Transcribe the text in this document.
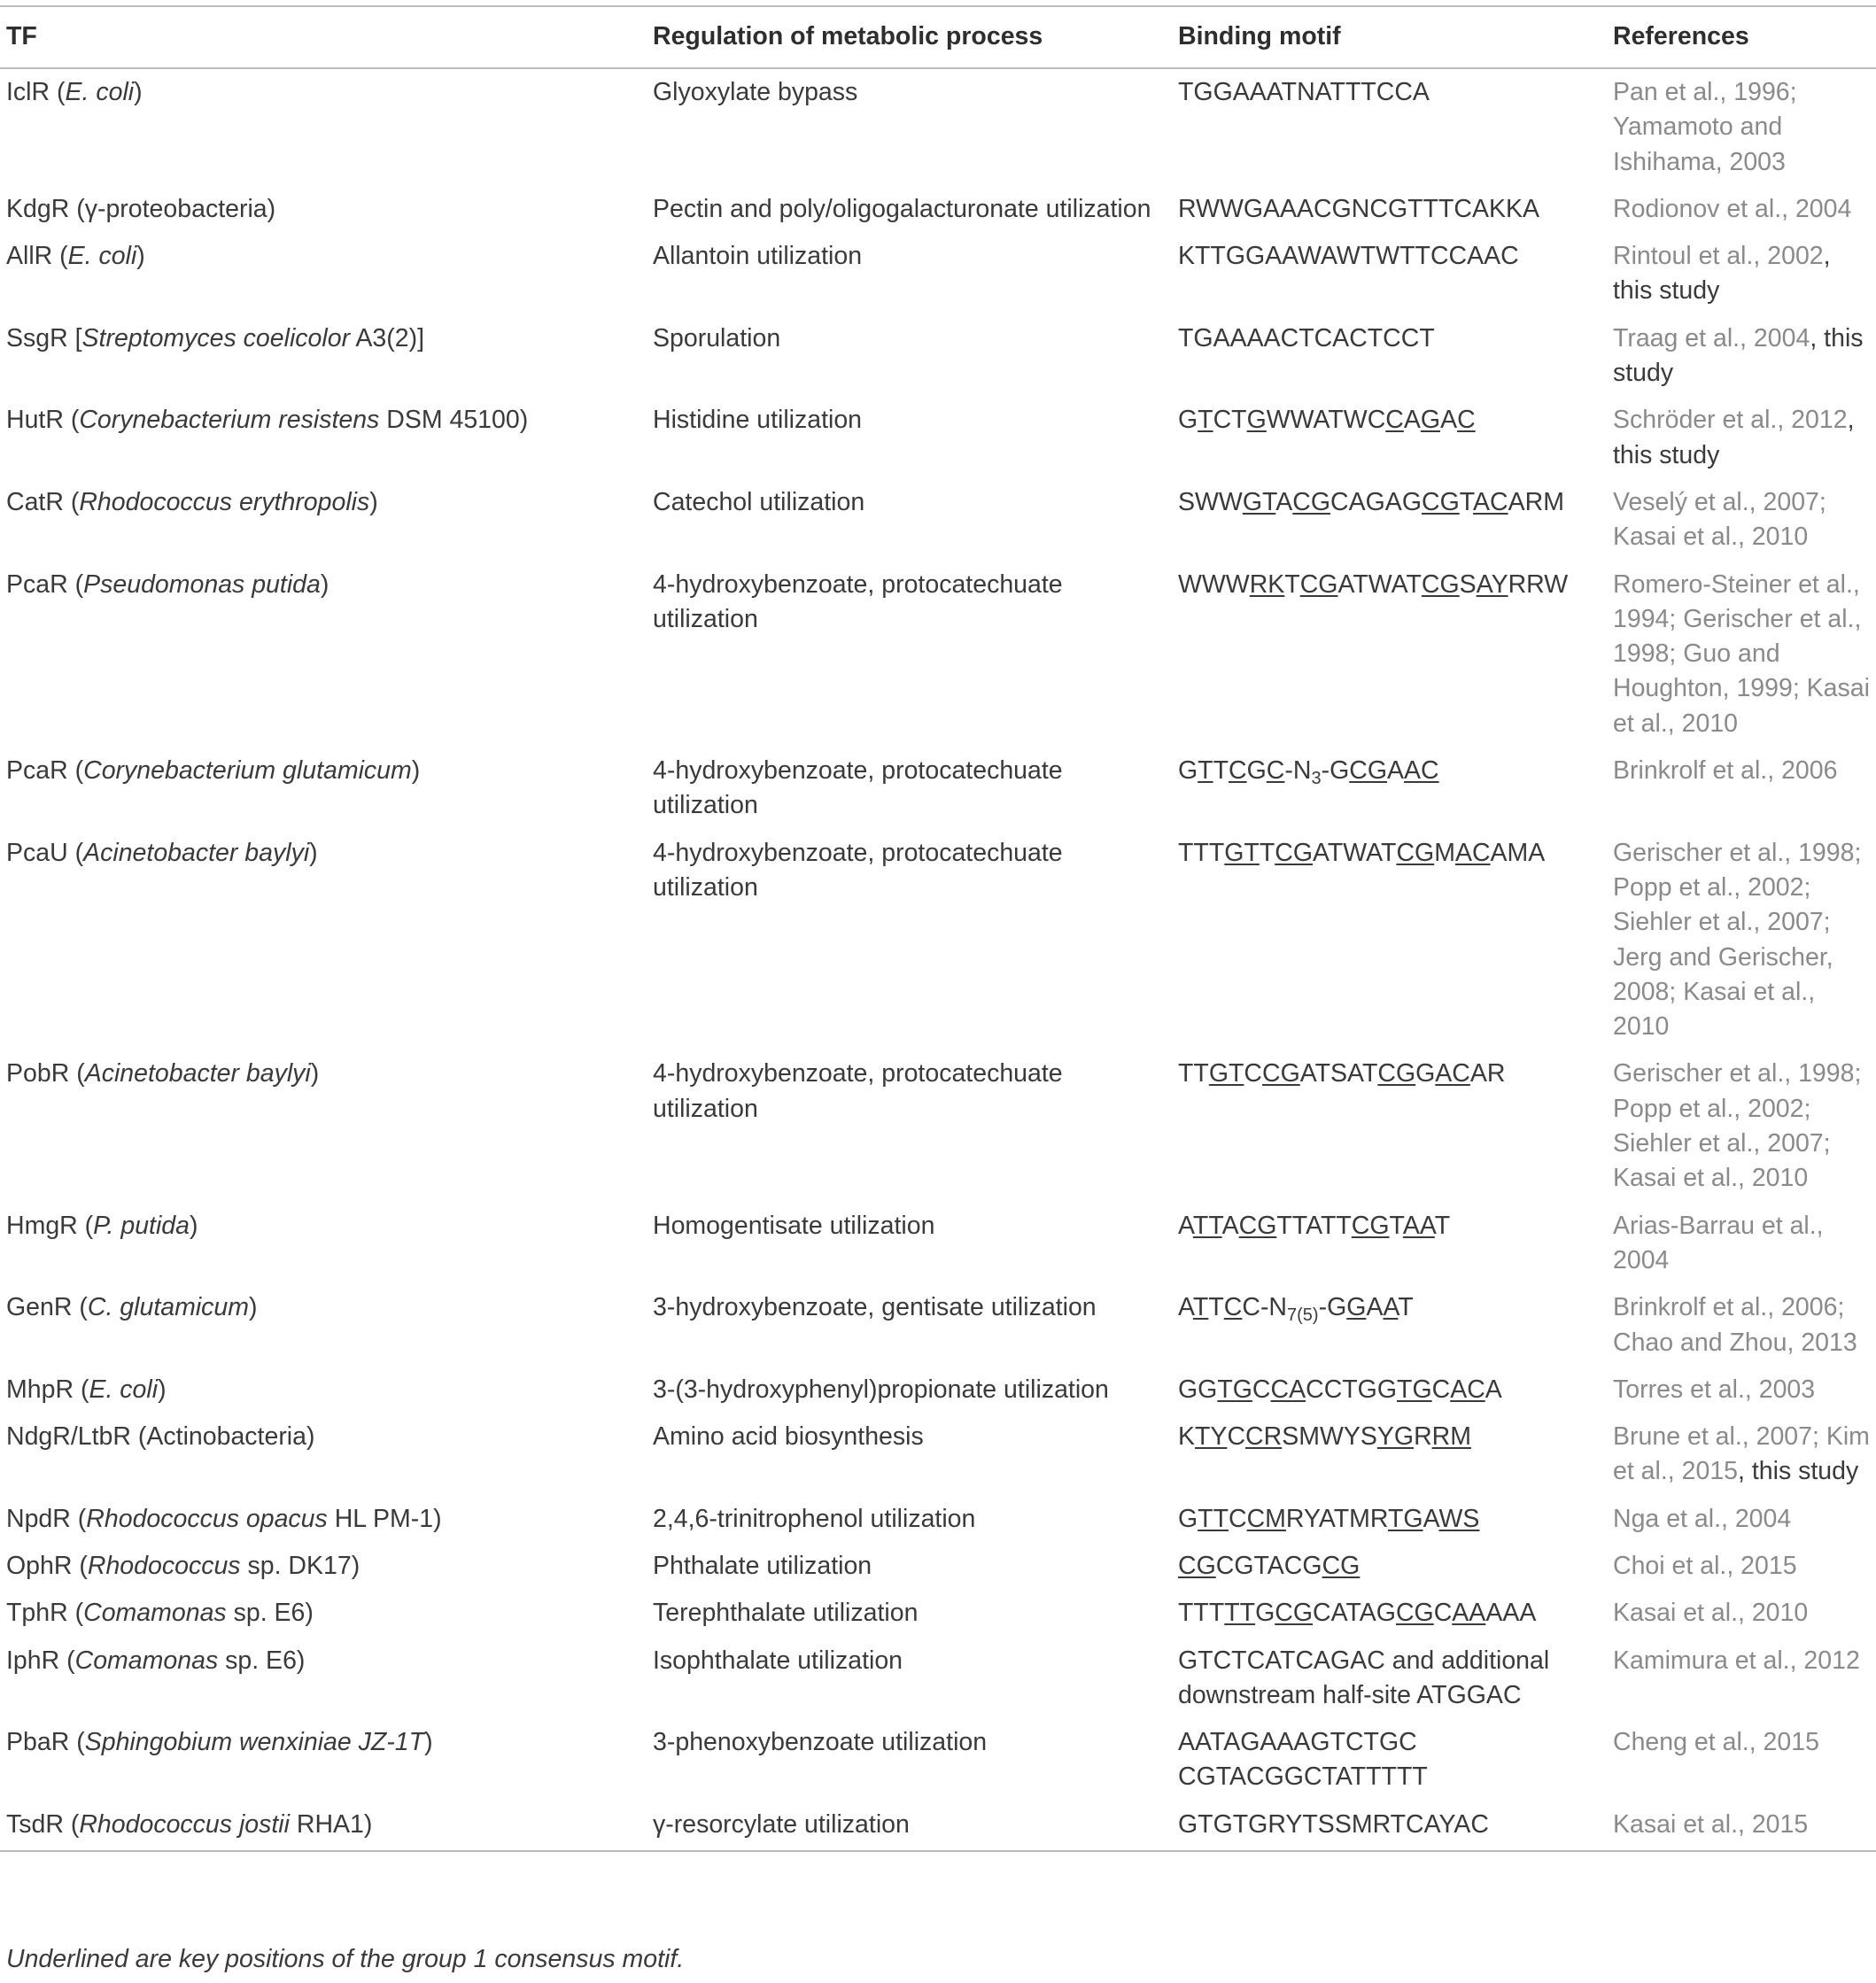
TF	Regulation of metabolic process	Binding motif	References
IclR (E. coli)	Glyoxylate bypass	TGGAAATNATTTCCA	Pan et al., 1996; Yamamoto and Ishihama, 2003
KdgR (γ-proteobacteria)	Pectin and poly/oligogalacturonate utilization	RWWGAAACGNCGTTTCAKKA	Rodionov et al., 2004
AllR (E. coli)	Allantoin utilization	KTTGGAAWAWTWTTCCAAC	Rintoul et al., 2002, this study
SsgR [Streptomyces coelicolor A3(2)]	Sporulation	TGAAAACTCACTCCT	Traag et al., 2004, this study
HutR (Corynebacterium resistens DSM 45100)	Histidine utilization	GTCTGWWATWCCAGAC	Schröder et al., 2012, this study
CatR (Rhodococcus erythropolis)	Catechol utilization	SWWGTACGCAGAGCGTACARM	Veselý et al., 2007; Kasai et al., 2010
PcaR (Pseudomonas putida)	4-hydroxybenzoate, protocatechuate utilization	WWWRKTCGATWATCGSAYRRW	Romero-Steiner et al., 1994; Gerischer et al., 1998; Guo and Houghton, 1999; Kasai et al., 2010
PcaR (Corynebacterium glutamicum)	4-hydroxybenzoate, protocatechuate utilization	GTTCGC-$N_3$-GCGAAC	Brinkrolf et al., 2006
PcaU (Acinetobacter baylyi)	4-hydroxybenzoate, protocatechuate utilization	TTTGTTCGATWATCGMACAMA	Gerischer et al., 1998; Popp et al., 2002; Siehler et al., 2007; Jerg and Gerischer, 2008; Kasai et al., 2010
PobR (Acinetobacter baylyi)	4-hydroxybenzoate, protocatechuate utilization	TTGTCCGATSATCGGACAR	Gerischer et al., 1998; Popp et al., 2002; Siehler et al., 2007; Kasai et al., 2010
HmgR (P. putida)	Homogentisate utilization	ATTACGTTATTCGTAAT	Arias-Barrau et al., 2004
GenR (C. glutamicum)	3-hydroxybenzoate, gentisate utilization	ATTCC-$N_{7(5)}$-GGAAT	Brinkrolf et al., 2006; Chao and Zhou, 2013
MhpR (E. coli)	3-(3-hydroxyphenyl)propionate utilization	GGTGCCACCTGGTGCACA	Torres et al., 2003
NdgR/LtbR (Actinobacteria)	Amino acid biosynthesis	KTYCCRSMWYSYGRRM	Brune et al., 2007; Kim et al., 2015, this study
NpdR (Rhodococcus opacus HL PM-1)	2,4,6-trinitrophenol utilization	GTTCCMRYATMRTGAWS	Nga et al., 2004
OphR (Rhodococcus sp. DK17)	Phthalate utilization	CGCGTACGCG	Choi et al., 2015
TphR (Comamonas sp. E6)	Terephthalate utilization	TTTTTGCGCATAGCGCAAAAA	Kasai et al., 2010
IphR (Comamonas sp. E6)	Isophthalate utilization	GTCTCATCAGAC and additional downstream half-site ATGGAC	Kamimura et al., 2012
PbaR (Sphingobium wenxiniae JZ-1T)	3-phenoxybenzoate utilization	AATAGAAAGTCTGC CGTACGGCTATTTTT	Cheng et al., 2015
TsdR (Rhodococcus jostii RHA1)	γ-resorcylate utilization	GTGTGRYTSSMRTCAYAC	Kasai et al., 2015
Underlined are key positions of the group 1 consensus motif.
